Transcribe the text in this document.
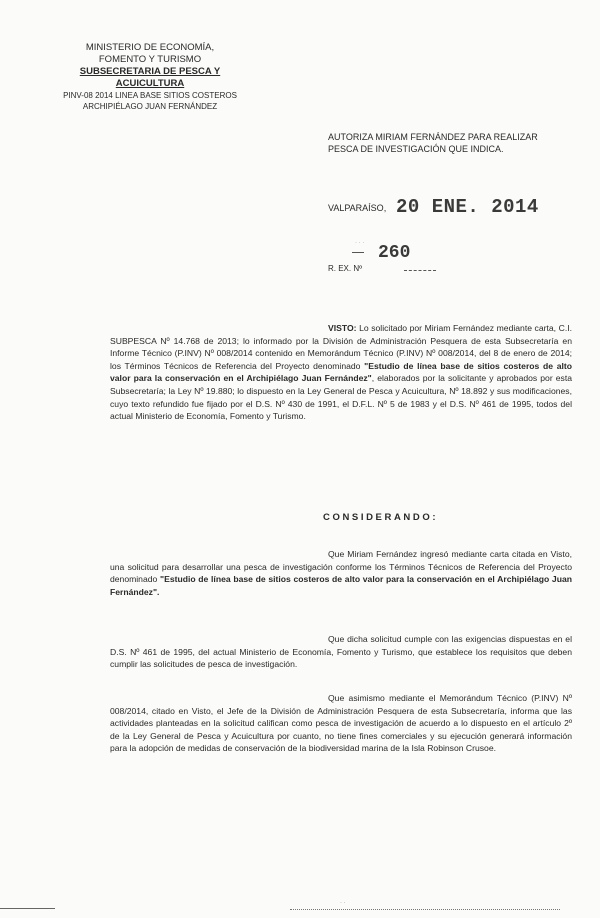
MINISTERIO DE ECONOMÍA,
FOMENTO Y TURISMO
SUBSECRETARIA DE PESCA Y ACUICULTURA
PINV-08 2014 LINEA BASE SITIOS COSTEROS
ARCHIPIÉLAGO JUAN FERNÁNDEZ
AUTORIZA MIRIAM FERNÁNDEZ PARA REALIZAR
PESCA DE INVESTIGACIÓN QUE INDICA.
VALPARAÍSO, 20 ENE. 2014
· · · 260
R. EX. Nº

VISTO: Lo solicitado por Miriam Fernández mediante carta, C.I. SUBPESCA Nº 14.768 de 2013; lo informado por la División de Administración Pesquera de esta Subsecretaría en Informe Técnico (P.INV) Nº 008/2014 contenido en Memorándum Técnico (P.INV) Nº 008/2014, del 8 de enero de 2014; los Términos Técnicos de Referencia del Proyecto denominado "Estudio de línea base de sitios costeros de alto valor para la conservación en el Archipiélago Juan Fernández", elaborados por la solicitante y aprobados por esta Subsecretaría; la Ley Nº 19.880; lo dispuesto en la Ley General de Pesca y Acuicultura, Nº 18.892 y sus modificaciones, cuyo texto refundido fue fijado por el D.S. Nº 430 de 1991, el D.F.L. Nº 5 de 1983 y el D.S. Nº 461 de 1995, todos del actual Ministerio de Economía, Fomento y Turismo.

CONSIDERANDO:

Que Miriam Fernández ingresó mediante carta citada en Visto, una solicitud para desarrollar una pesca de investigación conforme los Términos Técnicos de Referencia del Proyecto denominado "Estudio de línea base de sitios costeros de alto valor para la conservación en el Archipiélago Juan Fernández".

Que dicha solicitud cumple con las exigencias dispuestas en el D.S. Nº 461 de 1995, del actual Ministerio de Economía, Fomento y Turismo, que establece los requisitos que deben cumplir las solicitudes de pesca de investigación.

Que asimismo mediante el Memorándum Técnico (P.INV) Nº 008/2014, citado en Visto, el Jefe de la División de Administración Pesquera de esta Subsecretaría, informa que las actividades planteadas en la solicitud califican como pesca de investigación de acuerdo a lo dispuesto en el artículo 2º de la Ley General de Pesca y Acuicultura por cuanto, no tiene fines comerciales y su ejecución generará información para la adopción de medidas de conservación de la biodiversidad marina de la Isla Robinson Crusoe.

· ·
